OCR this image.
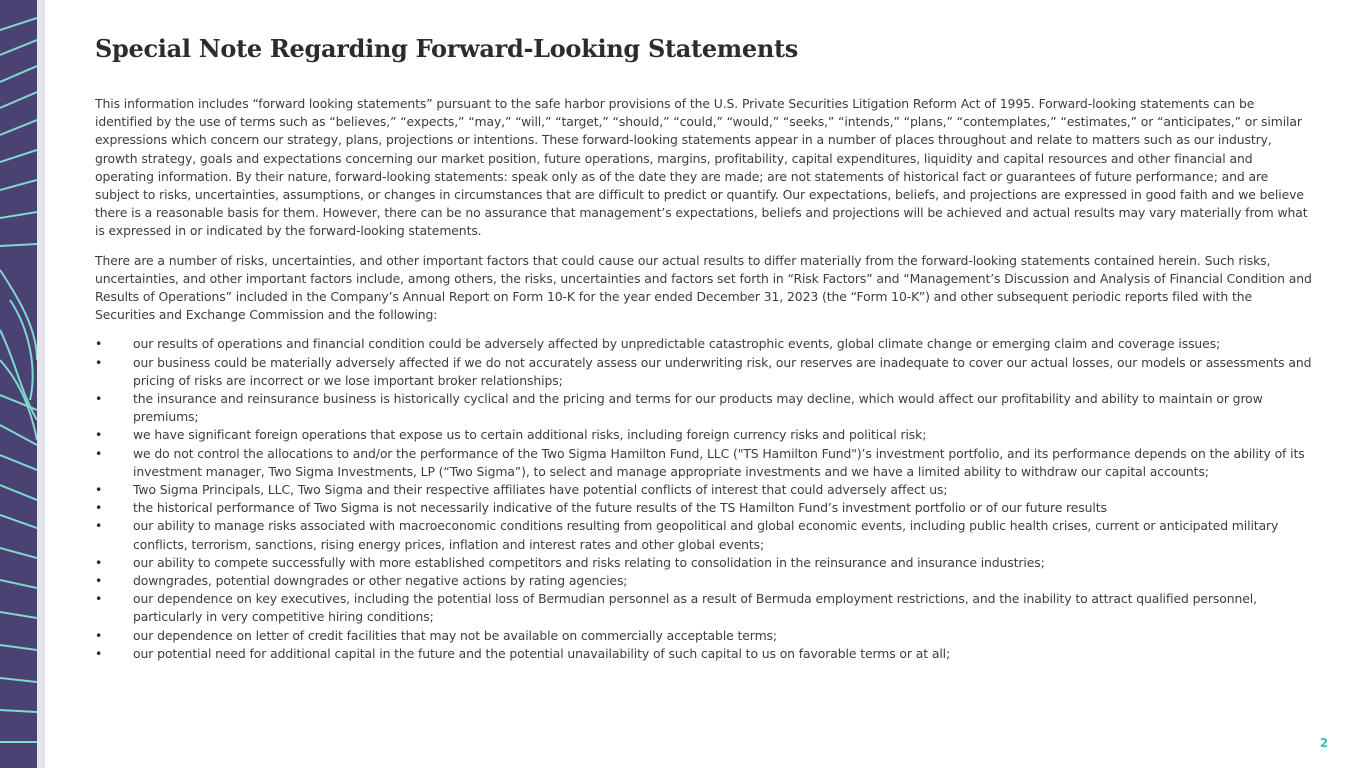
Special Note Regarding Forward-Looking Statements

This information includes “forward looking statements” pursuant to the safe harbor provisions of the U.S. Private Securities Litigation Reform Act of 1995. Forward-looking statements can be identified by the use of terms such as “believes,” “expects,” “may,” “will,” “target,” “should,” “could,” “would,” “seeks,” “intends,” “plans,” “contemplates,” “estimates,” or “anticipates,” or similar expressions which concern our strategy, plans, projections or intentions. These forward-looking statements appear in a number of places throughout and relate to matters such as our industry, growth strategy, goals and expectations concerning our market position, future operations, margins, profitability, capital expenditures, liquidity and capital resources and other financial and operating information. By their nature, forward-looking statements: speak only as of the date they are made; are not statements of historical fact or guarantees of future performance; and are subject to risks, uncertainties, assumptions, or changes in circumstances that are difficult to predict or quantify. Our expectations, beliefs, and projections are expressed in good faith and we believe there is a reasonable basis for them. However, there can be no assurance that management’s expectations, beliefs and projections will be achieved and actual results may vary materially from what is expressed in or indicated by the forward-looking statements.

There are a number of risks, uncertainties, and other important factors that could cause our actual results to differ materially from the forward-looking statements contained herein. Such risks, uncertainties, and other important factors include, among others, the risks, uncertainties and factors set forth in “Risk Factors” and “Management’s Discussion and Analysis of Financial Condition and Results of Operations” included in the Company’s Annual Report on Form 10-K for the year ended December 31, 2023 (the “Form 10-K”) and other subsequent periodic reports filed with the Securities and Exchange Commission and the following:

• our results of operations and financial condition could be adversely affected by unpredictable catastrophic events, global climate change or emerging claim and coverage issues;
• our business could be materially adversely affected if we do not accurately assess our underwriting risk, our reserves are inadequate to cover our actual losses, our models or assessments and pricing of risks are incorrect or we lose important broker relationships;
• the insurance and reinsurance business is historically cyclical and the pricing and terms for our products may decline, which would affect our profitability and ability to maintain or grow premiums;
• we have significant foreign operations that expose us to certain additional risks, including foreign currency risks and political risk;
• we do not control the allocations to and/or the performance of the Two Sigma Hamilton Fund, LLC ("TS Hamilton Fund")’s investment portfolio, and its performance depends on the ability of its investment manager, Two Sigma Investments, LP (“Two Sigma”), to select and manage appropriate investments and we have a limited ability to withdraw our capital accounts;
• Two Sigma Principals, LLC, Two Sigma and their respective affiliates have potential conflicts of interest that could adversely affect us;
• the historical performance of Two Sigma is not necessarily indicative of the future results of the TS Hamilton Fund’s investment portfolio or of our future results
• our ability to manage risks associated with macroeconomic conditions resulting from geopolitical and global economic events, including public health crises, current or anticipated military conflicts, terrorism, sanctions, rising energy prices, inflation and interest rates and other global events;
• our ability to compete successfully with more established competitors and risks relating to consolidation in the reinsurance and insurance industries;
• downgrades, potential downgrades or other negative actions by rating agencies;
• our dependence on key executives, including the potential loss of Bermudian personnel as a result of Bermuda employment restrictions, and the inability to attract qualified personnel, particularly in very competitive hiring conditions;
• our dependence on letter of credit facilities that may not be available on commercially acceptable terms;
• our potential need for additional capital in the future and the potential unavailability of such capital to us on favorable terms or at all;
2
